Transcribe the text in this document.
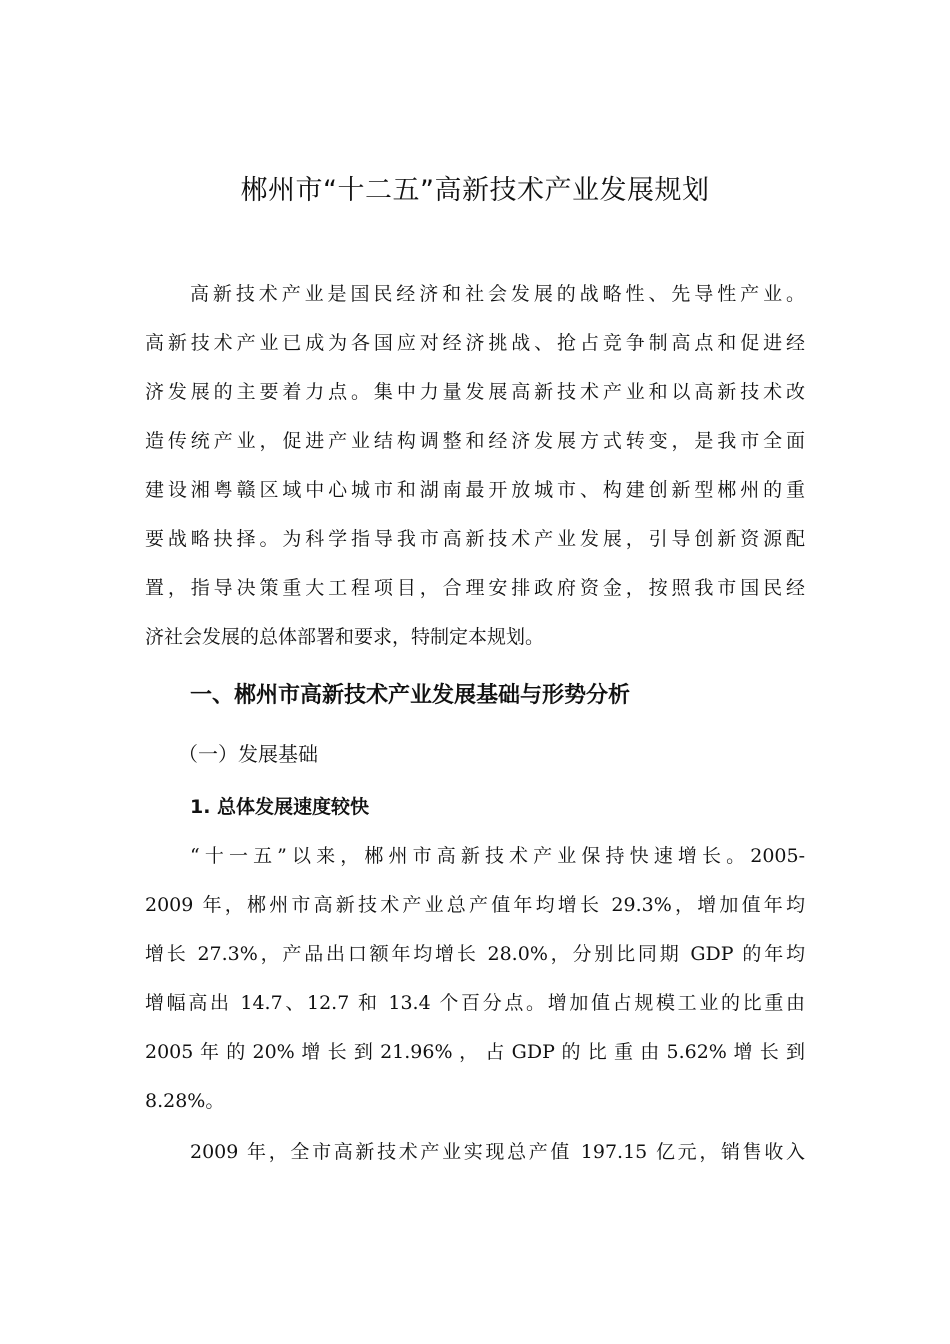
郴州市“十二五”高新技术产业发展规划
高新技术产业是国民经济和社会发展的战略性、先导性产业。
高新技术产业已成为各国应对经济挑战、抢占竞争制高点和促进经
济发展的主要着力点。集中力量发展高新技术产业和以高新技术改
造传统产业，促进产业结构调整和经济发展方式转变，是我市全面
建设湘粤赣区域中心城市和湖南最开放城市、构建创新型郴州的重
要战略抉择。为科学指导我市高新技术产业发展，引导创新资源配
置，指导决策重大工程项目，合理安排政府资金，按照我市国民经
济社会发展的总体部署和要求，特制定本规划。
一、郴州市高新技术产业发展基础与形势分析
（一）发展基础
1. 总体发展速度较快
“十一五”以来，郴州市高新技术产业保持快速增长。2005-
2009 年，郴州市高新技术产业总产值年均增长 29.3%，增加值年均
增长 27.3%，产品出口额年均增长 28.0%，分别比同期 GDP 的年均
增幅高出 14.7、12.7 和 13.4 个百分点。增加值占规模工业的比重由
2005 年 的 20% 增 长 到 21.96% ， 占 GDP 的 比 重 由 5.62% 增 长 到
8.28%。
2009 年，全市高新技术产业实现总产值 197.15 亿元，销售收入
